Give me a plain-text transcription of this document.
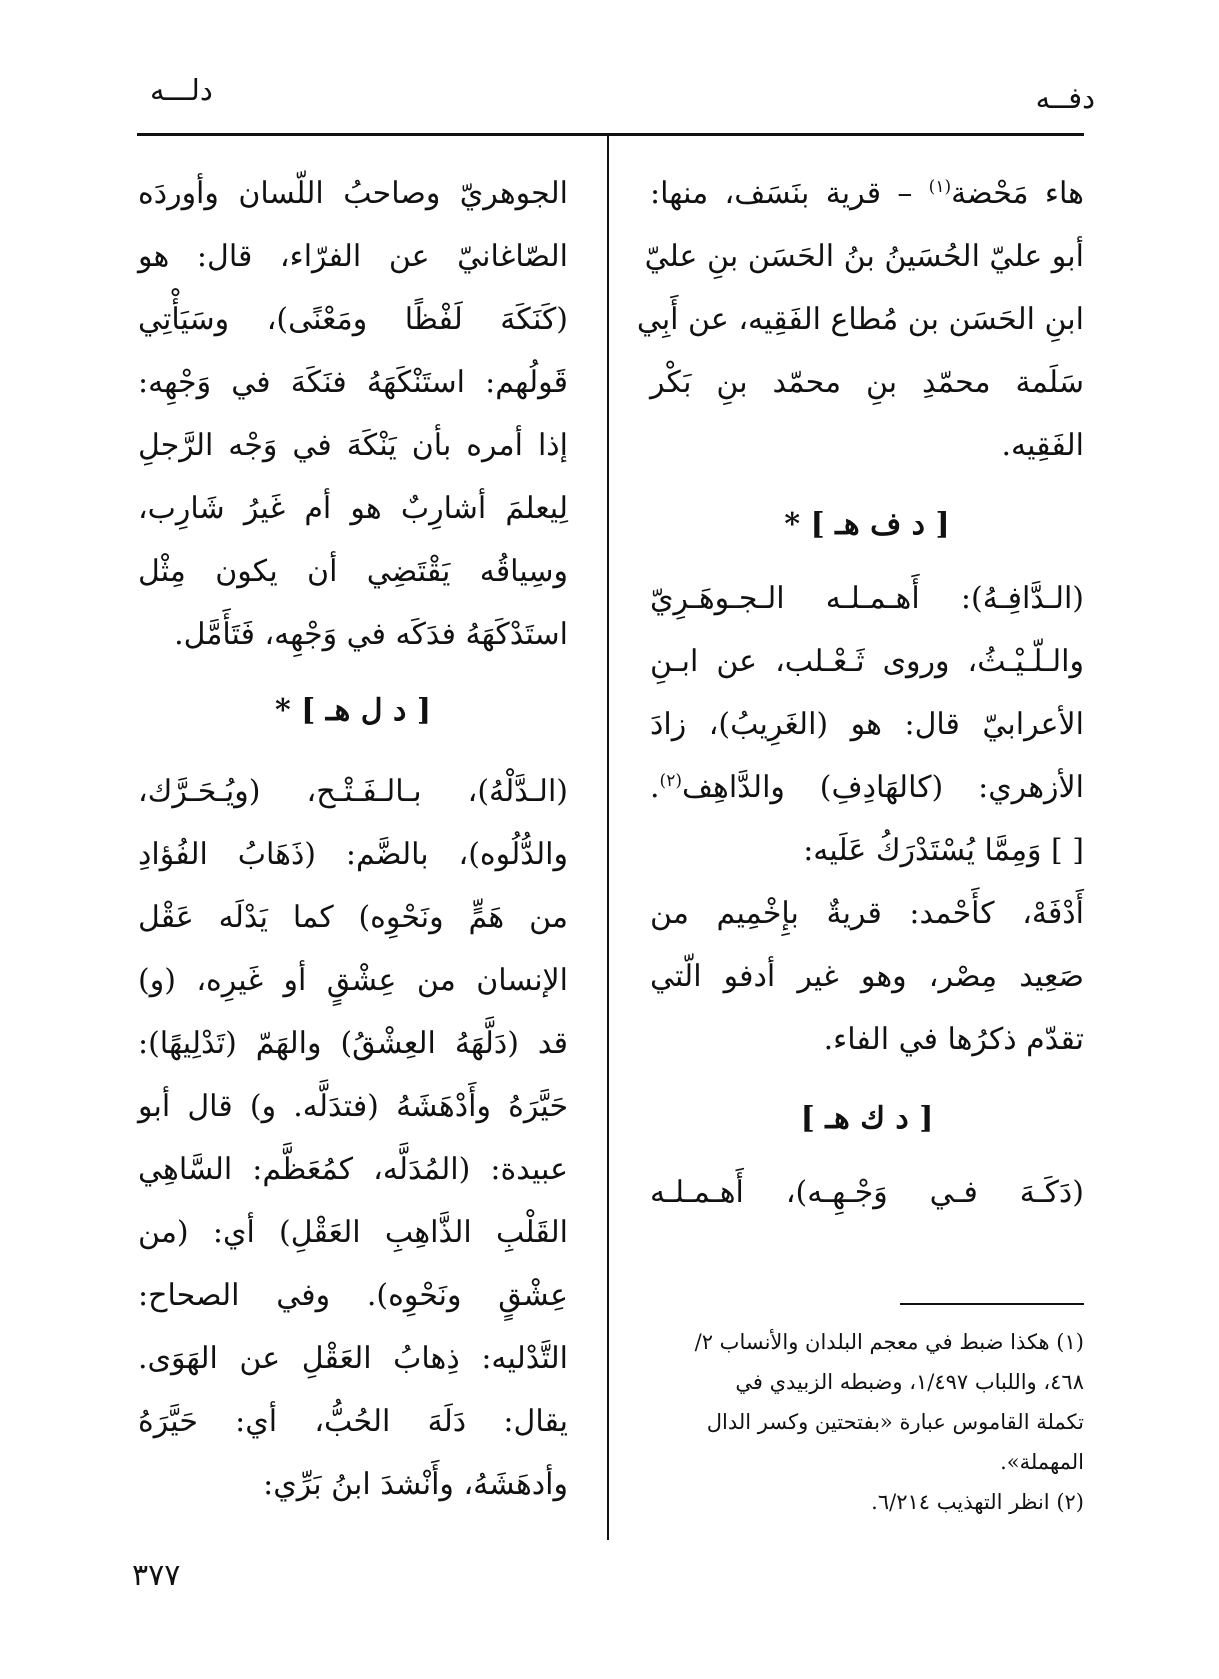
دفــه
دلـــه
هاء مَحْضة$^{(١)}$ – قرية بنَسَف، منها:
أبو عليّ الحُسَينُ بنُ الحَسَن بنِ عليّ
ابنِ الحَسَن بن مُطاع الفَقِيه، عن أَبِي
سَلَمة محمّدِ بنِ محمّد بنِ بَكْر
الفَقِيه.
[ د ف هـ ] *
(الـدَّافِـهُ): أَهـمـلـه الـجـوهَـرِيّ
والـلّـيْـثُ، وروى ثَـعْـلب، عن ابـنِ
الأعرابيّ قال: هو (الغَرِيبُ)، زادَ
الأزهري: (كالهَادِفِ) والدَّاهِف$^{(٢)}$.
[ ] وَمِمَّا يُسْتَدْرَكُ عَلَيه:
أَدْفَهْ، كأَحْمد: قريةٌ بإِخْمِيم من
صَعِيد مِصْر، وهو غير أدفو الّتي
تقدّم ذكرُها في الفاء.
[ د ك هـ ]
(دَكَـهَ فـي وَجْـهِـه)، أَهـمـلـه
الجوهريّ وصاحبُ اللّسان وأوردَه
الصّاغانيّ عن الفرّاء، قال: هو
(كَنَكَهَ لَفْظًا ومَعْنًى)، وسَيَأْتِي
قَولُهم: استَنْكَهَهُ فنَكَهَ في وَجْهِه:
إذا أمره بأن يَنْكَهَ في وَجْه الرَّجلِ
لِيعلمَ أشارِبٌ هو أم غَيرُ شَارِب،
وسِياقُه يَقْتَضِي أن يكون مِثْل
استَدْكَهَهُ فدَكَه في وَجْهِه، فَتَأَمَّل.
[ د ل هـ ] *
(الـدَّلْهُ)، بـالـفَـتْـح، (ويُـحَـرَّك،
والدُّلُوه)، بالضَّم: (ذَهَابُ الفُؤادِ
من هَمٍّ ونَحْوِه) كما يَدْلَه عَقْل
الإنسان من عِشْقٍ أو غَيرِه، (و)
قد (دَلَّهَهُ العِشْقُ) والهَمّ (تَدْلِيهًا):
حَيَّرَهُ وأَدْهَشَهُ (فتدَلَّه. و) قال أبو
عبيدة: (المُدَلَّه، كمُعَظَّم: السَّاهِي
القَلْبِ الذَّاهِبِ العَقْلِ) أي: (من
عِشْقٍ ونَحْوِه). وفي الصحاح:
التَّدْليه: ذِهابُ العَقْلِ عن الهَوَى.
يقال: دَلَهَ الحُبُّ، أي: حَيَّرَهُ
وأدهَشَهُ، وأَنْشدَ ابنُ بَرِّي:
(١) هكذا ضبط في معجم البلدان والأنساب ٢/
٤٦٨، واللباب ١/٤٩٧، وضبطه الزبيدي في
تكملة القاموس عبارة «بفتحتين وكسر الدال
المهملة».
(٢) انظر التهذيب ٦/٢١٤.
٣٧٧
